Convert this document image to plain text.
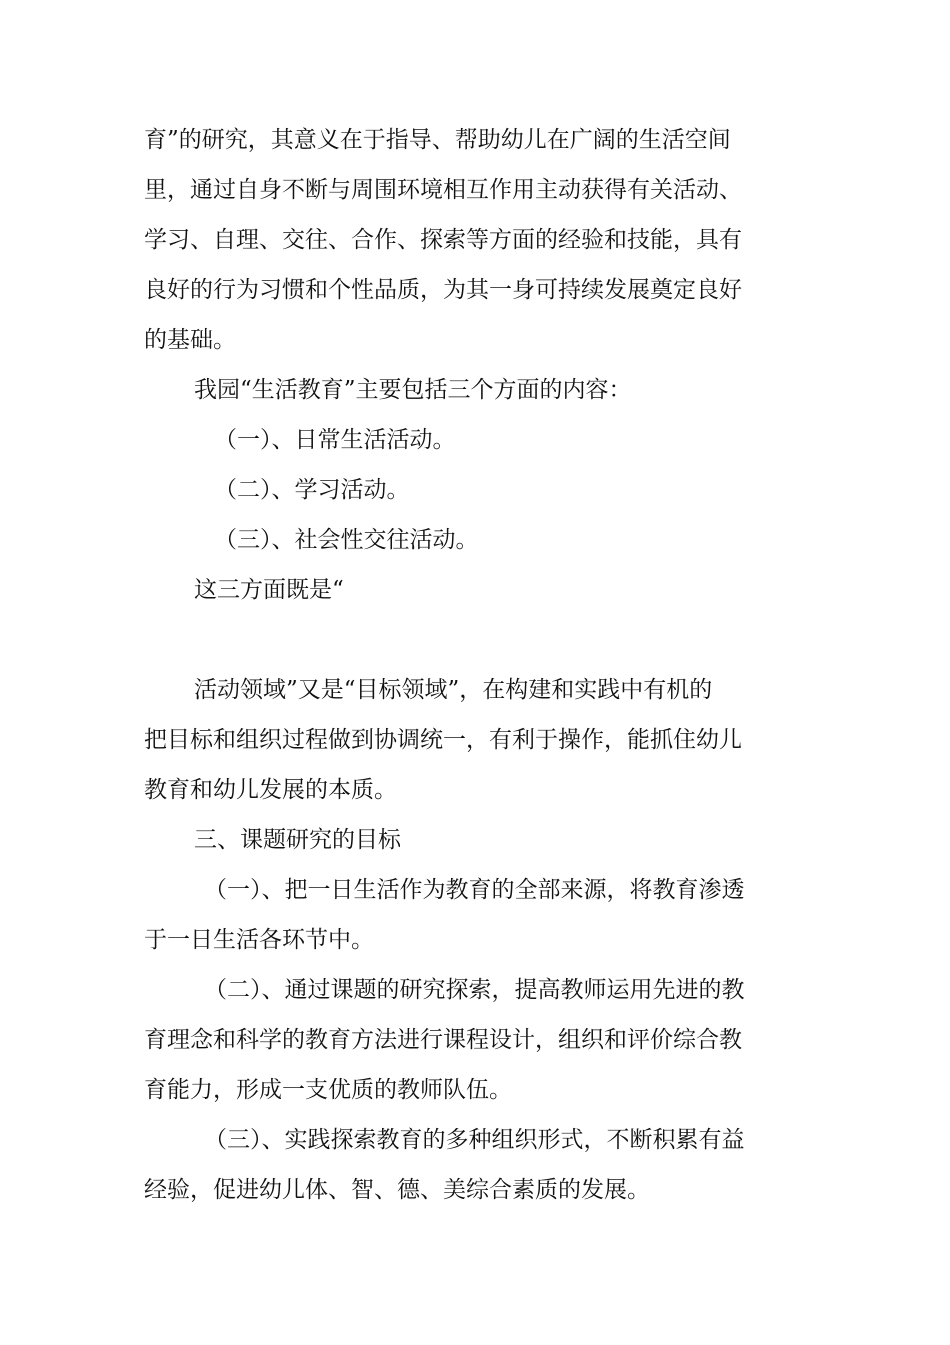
育”的研究，其意义在于指导、帮助幼儿在广阔的生活空间
里，通过自身不断与周围环境相互作用主动获得有关活动、
学习、自理、交往、合作、探索等方面的经验和技能，具有
良好的行为习惯和个性品质，为其一身可持续发展奠定良好
的基础。
我园“生活教育”主要包括三个方面的内容：
（一）、日常生活活动。
（二）、学习活动。
（三）、社会性交往活动。
这三方面既是“
活动领域”又是“目标领域”，在构建和实践中有机的
把目标和组织过程做到协调统一，有利于操作，能抓住幼儿
教育和幼儿发展的本质。
三、课题研究的目标
（一）、把一日生活作为教育的全部来源，将教育渗透
于一日生活各环节中。
（二）、通过课题的研究探索，提高教师运用先进的教
育理念和科学的教育方法进行课程设计，组织和评价综合教
育能力，形成一支优质的教师队伍。
（三）、实践探索教育的多种组织形式，不断积累有益
经验，促进幼儿体、智、德、美综合素质的发展。
